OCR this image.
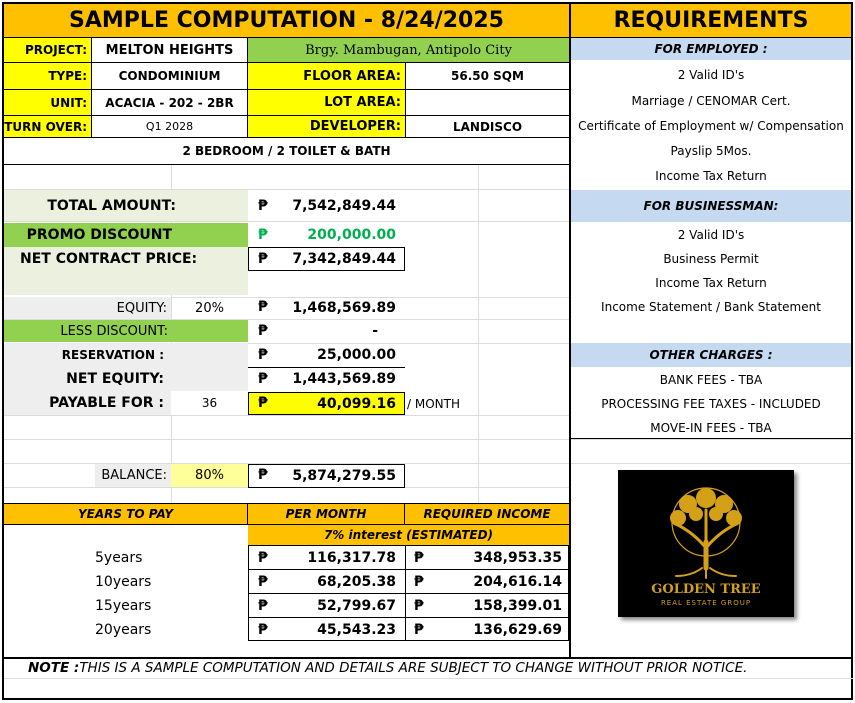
SAMPLE COMPUTATION - 8/24/2025	REQUIREMENTS
PROJECT:	MELTON HEIGHTS	Brgy. Mambugan, Antipolo City
TYPE:	CONDOMINIUM	FLOOR AREA:	56.50 SQM
UNIT:	ACACIA - 202 - 2BR	LOT AREA:
TURN OVER:	Q1 2028	DEVELOPER:	LANDISCO
2 BEDROOM / 2 TOILET & BATH
TOTAL AMOUNT:	₱	7,542,849.44
PROMO DISCOUNT	₱	200,000.00
NET CONTRACT PRICE:	₱	7,342,849.44
EQUITY:	20%	₱	1,468,569.89
LESS DISCOUNT:	₱	-
RESERVATION :	₱	25,000.00
NET EQUITY:	₱	1,443,569.89
PAYABLE FOR :	36	₱	40,099.16 / MONTH
BALANCE:	80%	₱	5,874,279.55
YEARS TO PAY	PER MONTH	REQUIRED INCOME
7% interest (ESTIMATED)
5years	₱	116,317.78 ₱	348,953.35
10years	₱	68,205.38 ₱	204,616.14
15years	₱	52,799.67 ₱	158,399.01
20years	₱	45,543.23 ₱	136,629.69
FOR EMPLOYED :
2 Valid ID's
Marriage / CENOMAR Cert.
Certificate of Employment w/ Compensation
Payslip 5Mos.
Income Tax Return
FOR BUSINESSMAN:
2 Valid ID's
Business Permit
Income Tax Return
Income Statement / Bank Statement
OTHER CHARGES :
BANK FEES - TBA
PROCESSING FEE TAXES - INCLUDED
MOVE-IN FEES - TBA
GOLDEN TREE
REAL ESTATE GROUP
NOTE : THIS IS A SAMPLE COMPUTATION AND DETAILS ARE SUBJECT TO CHANGE WITHOUT PRIOR NOTICE.
